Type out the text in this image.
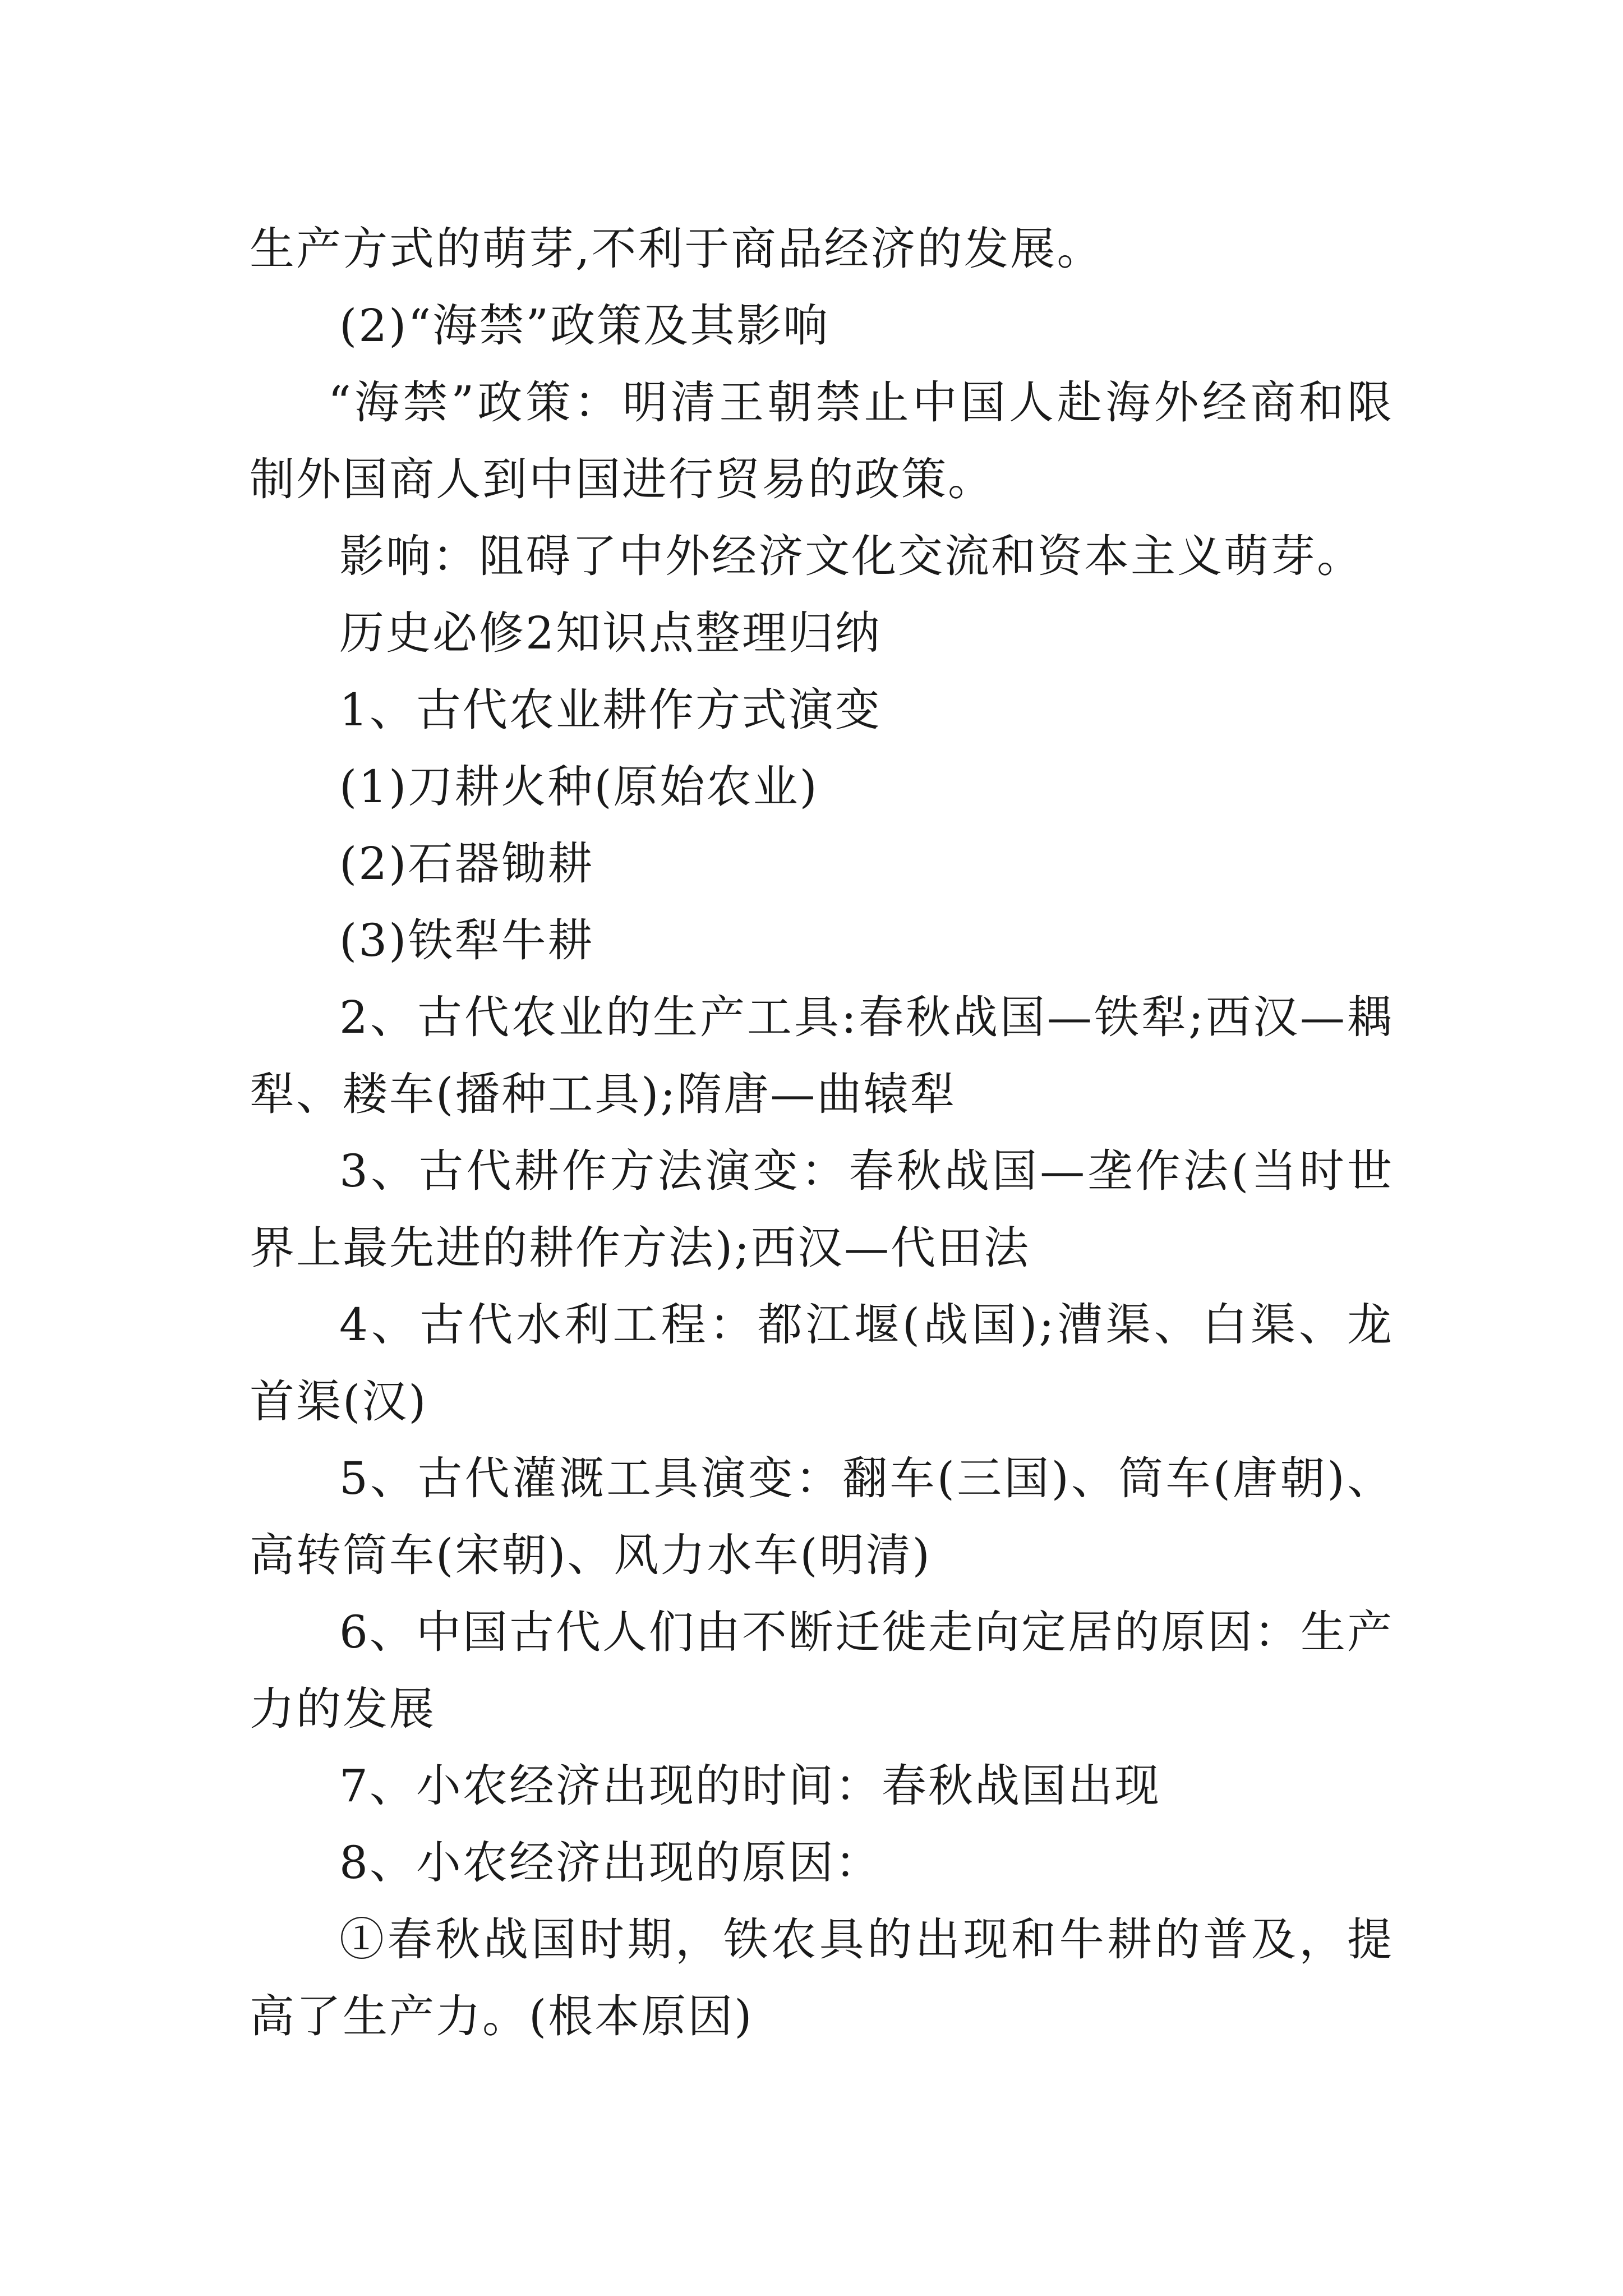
生产方式的萌芽,不利于商品经济的发展。

(2)“海禁”政策及其影响

“海禁”政策：明清王朝禁止中国人赴海外经商和限制外国商人到中国进行贸易的政策。

影响：阻碍了中外经济文化交流和资本主义萌芽。

历史必修2知识点整理归纳

1、古代农业耕作方式演变

(1)刀耕火种(原始农业)

(2)石器锄耕

(3)铁犁牛耕

2、古代农业的生产工具:春秋战国—铁犁;西汉—耦犁、耧车(播种工具);隋唐—曲辕犁

3、古代耕作方法演变：春秋战国—垄作法(当时世界上最先进的耕作方法);西汉—代田法

4、古代水利工程：都江堰(战国);漕渠、白渠、龙首渠(汉)

5、古代灌溉工具演变：翻车(三国)、筒车(唐朝)、高转筒车(宋朝)、风力水车(明清)

6、中国古代人们由不断迁徙走向定居的原因：生产力的发展

7、小农经济出现的时间：春秋战国出现

8、小农经济出现的原因：

①春秋战国时期，铁农具的出现和牛耕的普及，提高了生产力。(根本原因)
